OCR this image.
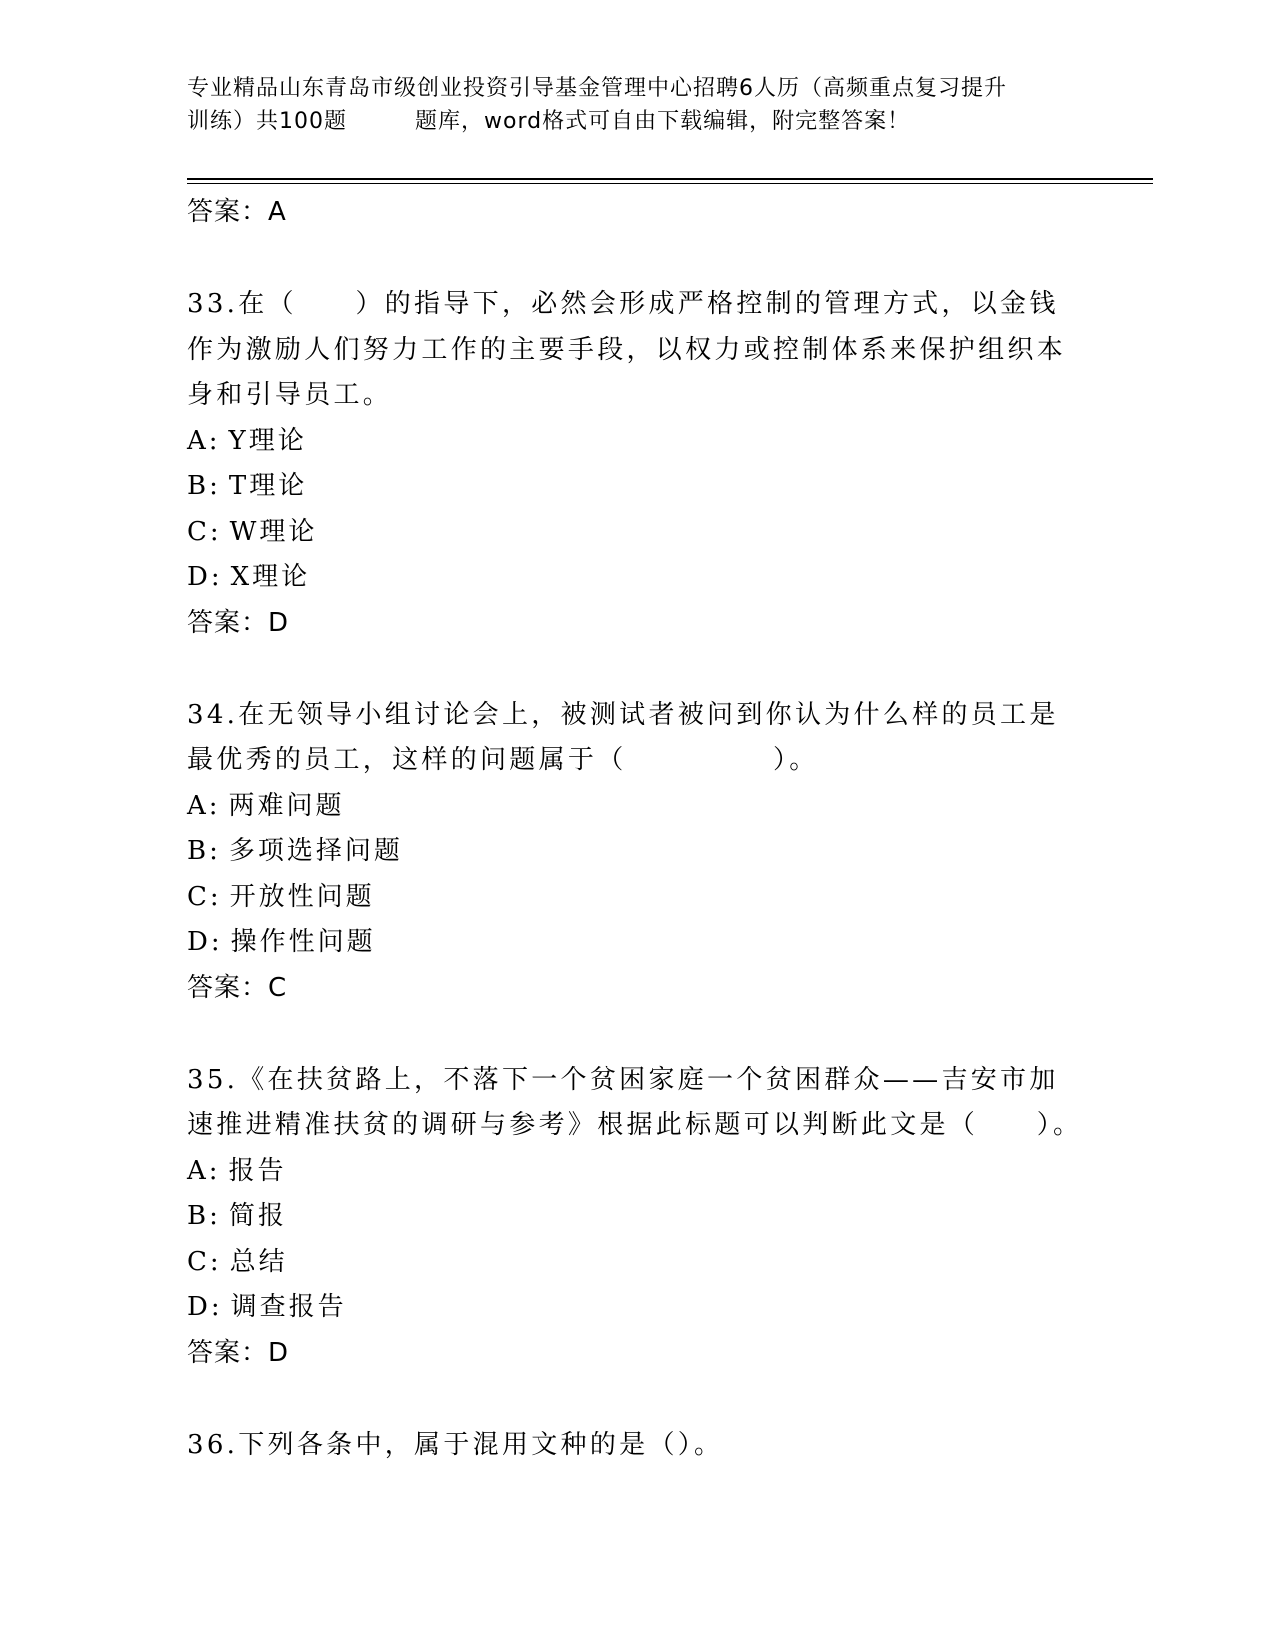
专业精品山东青岛市级创业投资引导基金管理中心招聘6人历（高频重点复习提升
训练）共100题	题库，word格式可自由下载编辑，附完整答案！
答案：A
33.在（　　）的指导下，必然会形成严格控制的管理方式，以金钱作为激励人们努力工作的主要手段，以权力或控制体系来保护组织本身和引导员工。
A: Y理论
B: T理论
C: W理论
D: X理论
答案：D
34.在无领导小组讨论会上，被测试者被问到你认为什么样的员工是最优秀的员工，这样的问题属于（　　　　　）。
A: 两难问题
B: 多项选择问题
C: 开放性问题
D: 操作性问题
答案：C
35.《在扶贫路上，不落下一个贫困家庭一个贫困群众——吉安市加速推进精准扶贫的调研与参考》根据此标题可以判断此文是（　　）。
A: 报告
B: 简报
C: 总结
D: 调查报告
答案：D
36.下列各条中，属于混用文种的是（）。
